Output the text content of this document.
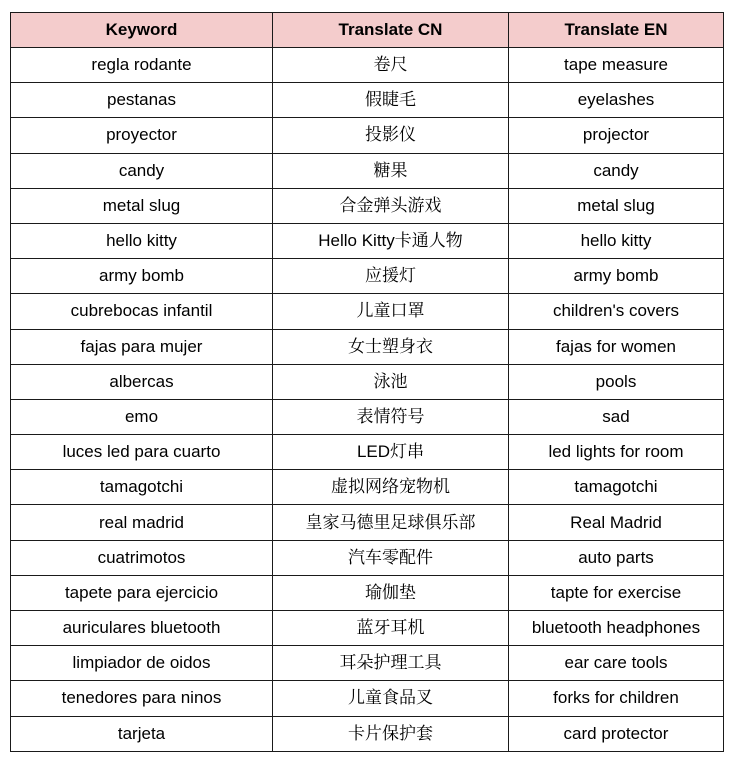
Keyword	Translate CN	Translate EN
regla rodante	卷尺	tape measure
pestanas	假睫毛	eyelashes
proyector	投影仪	projector
candy	糖果	candy
metal slug	合金弹头游戏	metal slug
hello kitty	Hello Kitty卡通人物	hello kitty
army bomb	应援灯	army bomb
cubrebocas infantil	儿童口罩	children's covers
fajas para mujer	女士塑身衣	fajas for women
albercas	泳池	pools
emo	表情符号	sad
luces led para cuarto	LED灯串	led lights for room
tamagotchi	虚拟网络宠物机	tamagotchi
real madrid	皇家马德里足球俱乐部	Real Madrid
cuatrimotos	汽车零配件	auto parts
tapete para ejercicio	瑜伽垫	tapte for exercise
auriculares bluetooth	蓝牙耳机	bluetooth headphones
limpiador de oidos	耳朵护理工具	ear care tools
tenedores para ninos	儿童食品叉	forks for children
tarjeta	卡片保护套	card protector
